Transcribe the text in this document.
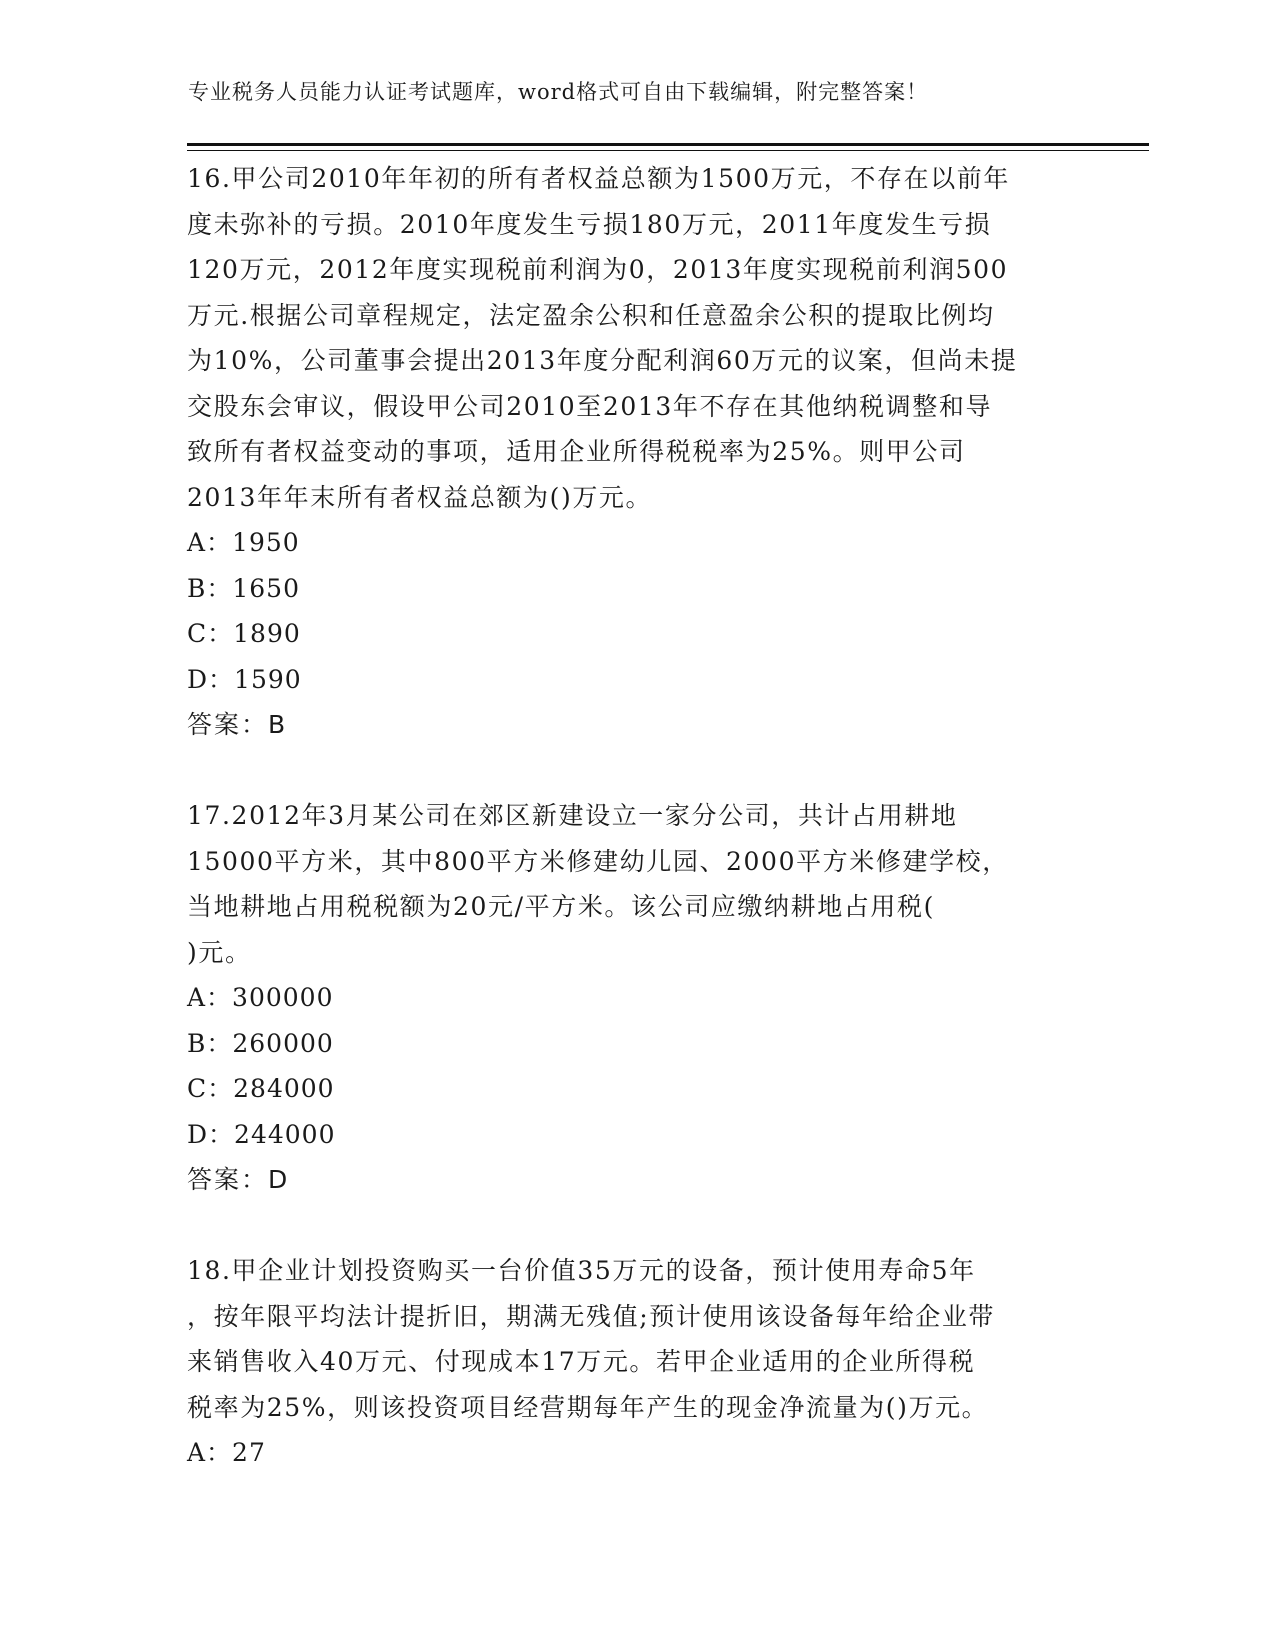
专业税务人员能力认证考试题库，word格式可自由下载编辑，附完整答案！
16.甲公司2010年年初的所有者权益总额为1500万元，不存在以前年
度未弥补的亏损。2010年度发生亏损180万元，2011年度发生亏损
120万元，2012年度实现税前利润为0，2013年度实现税前利润500
万元.根据公司章程规定，法定盈余公积和任意盈余公积的提取比例均
为10%，公司董事会提出2013年度分配利润60万元的议案，但尚未提
交股东会审议，假设甲公司2010至2013年不存在其他纳税调整和导
致所有者权益变动的事项，适用企业所得税税率为25%。则甲公司
2013年年末所有者权益总额为()万元。
A：1950
B：1650
C：1890
D：1590
答案：B
17.2012年3月某公司在郊区新建设立一家分公司，共计占用耕地
15000平方米，其中800平方米修建幼儿园、2000平方米修建学校，
当地耕地占用税税额为20元/平方米。该公司应缴纳耕地占用税(
)元。
A：300000
B：260000
C：284000
D：244000
答案：D
18.甲企业计划投资购买一台价值35万元的设备，预计使用寿命5年
，按年限平均法计提折旧，期满无残值;预计使用该设备每年给企业带
来销售收入40万元、付现成本17万元。若甲企业适用的企业所得税
税率为25%，则该投资项目经营期每年产生的现金净流量为()万元。
A：27
